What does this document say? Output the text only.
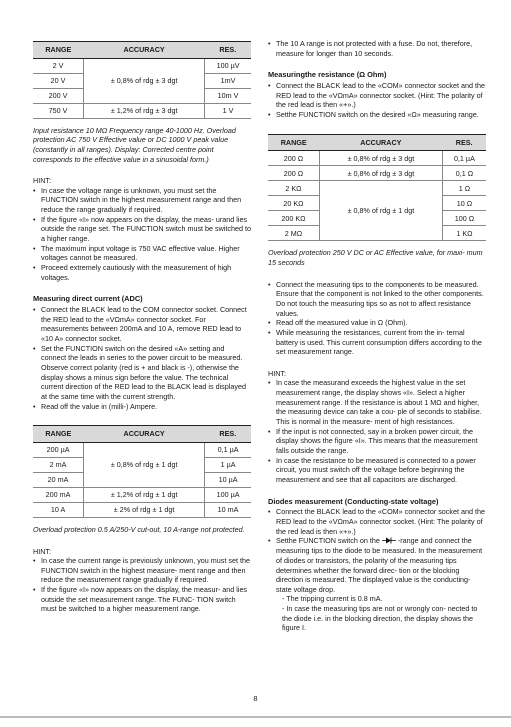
RANGE	ACCURACY	RES.
2 V	± 0,8% of rdg ± 3 dgt	100 µV
20 V		1mV
200 V		10m V
750 V	± 1,2% of rdg ± 3 dgt	1 V

Input resistance 10 MΩ Frequency range 40-1000 Hz. Overload protection AC 750 V Effective value or DC 1000 V peak value (constantly in all ranges). Display: Corrected centre point corresponds to the effective value in a sinusoidal form.)

HINT:

• In case the voltage range is unknown, you must set the FUNCTION switch in the highest measurement range and then reduce the range gradually if required.
• If the figure «I» now appears on the display, the meas- urand lies outside the range set. The FUNCTION switch must be switched to a higher range.
• The maximum input voltage is 750 VAC effective value. Higher voltages cannot be measured.
• Proceed extremely cautiously with the measurement of high voltages.
Measuring direct current (ADC)
• Connect the BLACK lead to the COM connector socket. Connect the RED lead to the «VΩmA» connector socket. For measurements between 200mA and 10 A, remove RED lead to «10 A» connector socket.
• Set the FUNCTION switch on the desired «A» setting and connect the leads in series to the power circuit to be measured. Observe correct polarity (red is + and black is -), otherwise the display shows a minus sign before the value. The technical current direction of the RED lead to the BLACK lead is displayed at the same time with the current strength.
• Read off the value in (milli-) Ampere.
RANGE	ACCURACY	RES.
200 µA	± 0,8% of rdg ± 1 dgt	0,1 µA
2 mA		1 µA
20 mA		10 µA
200 mA	± 1,2% of rdg ± 1 dgt	100 µA
10 A	± 2% of rdg ± 1 dgt	10 mA

Overload protection 0.5 A/250-V cut-out, 10 A-range not protected.

HINT:

• In case the current range is previously unknown, you must set the FUNCTION switch in the highest measure- ment range and then reduce the measurement range gradually if required.
• If the figure «I» now appears on the display, the measur- and lies outside the set measurement range. The FUNC- TION switch must be switched to a higher measurement range.
• The 10 A range is not protected with a fuse. Do not, therefore, measure for longer than 10 seconds.
Measuringthe resistance (Ω Ohm)
• Connect the BLACK lead to the «COM» connector socket and the RED lead to the «VΩmA» connector socket. (Hint: The polarity of the red lead is then «+».)
• Setthe FUNCTION switch on the desired «Ω» measuring range.
RANGE	ACCURACY	RES.
200 Ω	± 0,8% of rdg ± 3 dgt	0,1 µA
200 Ω	± 0,8% of rdg ± 3 dgt	0,1 Ω
2 KΩ	± 0,8% of rdg ± 1 dgt	1 Ω
20 KΩ		10 Ω
200 KΩ		100 Ω
2 MΩ		1 KΩ

Overload protection 250 V DC or AC Effective value, for maxi- mum 15 seconds

• Connect the measuring tips to the components to be measured. Ensure that the component is not linked to the other components. Do not touch the measuring tips so as not to affect resistance values.
• Read off the measured value in Ω (Ohm).
• While measuring the resistances, current from the in- ternal battery is used. This current consumption differs according to the set measurement range.

HINT:

• In case the measurand exceeds the highest value in the set measurement range, the display shows «I». Select a higher measurement range. If the resistance is about 1 MΩ and higher, the measuring device can take a cou- ple of seconds to stabilise. This is normal in the measure- ment of high resistances.
• If the input is not connected, say in a broken power circuit, the display shows the figure «I». This means that the measurement falls outside the range.
• In case the resistance to be measured is connected to a power circuit, you must switch off the voltage before beginning the measurement and see that all capacitors are discharged.
Diodes measurement (Conducting-state voltage)
• Connect the BLACK lead to the «COM» connector socket and the RED lead to the «VΩmA» connector socket. (Hint: The polarity of the red lead is then «+».)
• Setthe FUNCTION switch on the	-range and connect the measuring tips to the diode to be measured. In the measurement of diodes or transistors, the polarity of the measuring tips determines whether the forward direc- tion or the blocking direction is measured. The displayed value is the conducting-state voltage drop.
- The tripping current is 0.8 mA.
- In case the measuring tips are not or wrongly con- nected to the diode i.e. in the blocking direction, the display shows the figure I.
8
